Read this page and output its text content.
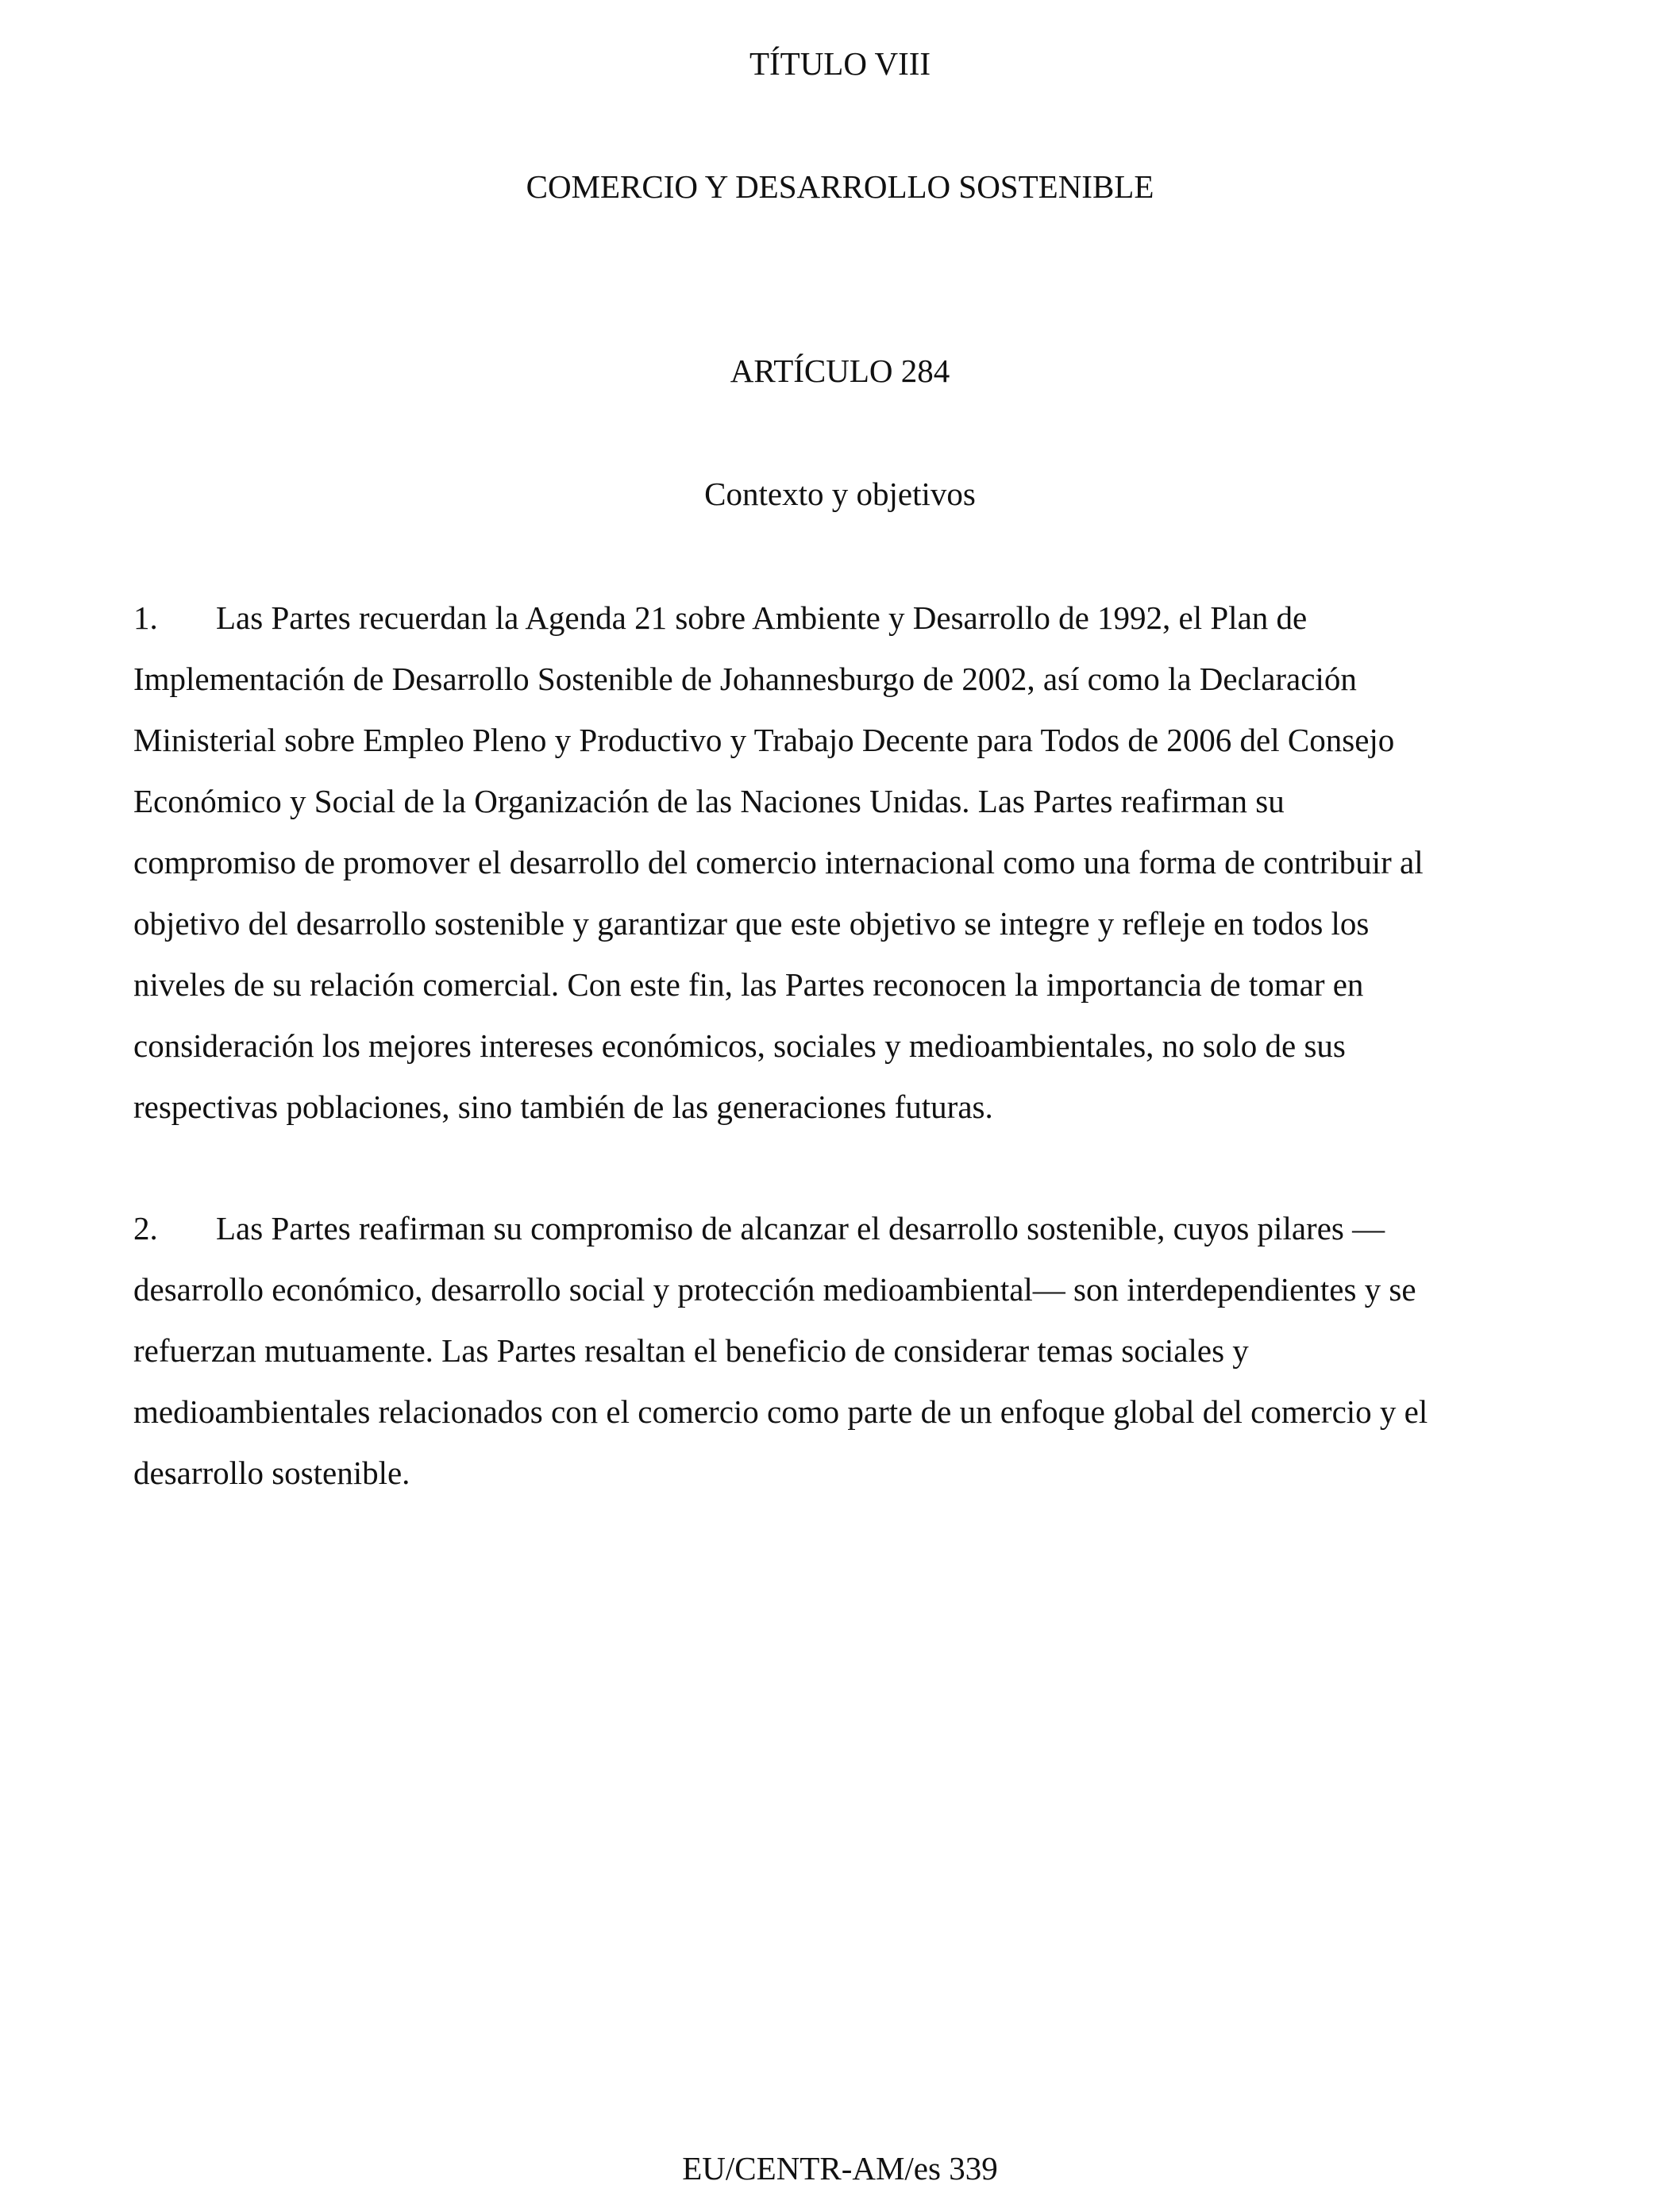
TÍTULO VIII
COMERCIO Y DESARROLLO SOSTENIBLE
ARTÍCULO 284
Contexto y objetivos
1. Las Partes recuerdan la Agenda 21 sobre Ambiente y Desarrollo de 1992, el Plan de
Implementación de Desarrollo Sostenible de Johannesburgo de 2002, así como la Declaración
Ministerial sobre Empleo Pleno y Productivo y Trabajo Decente para Todos de 2006 del Consejo
Económico y Social de la Organización de las Naciones Unidas. Las Partes reafirman su
compromiso de promover el desarrollo del comercio internacional como una forma de contribuir al
objetivo del desarrollo sostenible y garantizar que este objetivo se integre y refleje en todos los
niveles de su relación comercial. Con este fin, las Partes reconocen la importancia de tomar en
consideración los mejores intereses económicos, sociales y medioambientales, no solo de sus
respectivas poblaciones, sino también de las generaciones futuras.
2. Las Partes reafirman su compromiso de alcanzar el desarrollo sostenible, cuyos pilares —
desarrollo económico, desarrollo social y protección medioambiental— son interdependientes y se
refuerzan mutuamente. Las Partes resaltan el beneficio de considerar temas sociales y
medioambientales relacionados con el comercio como parte de un enfoque global del comercio y el
desarrollo sostenible.
EU/CENTR-AM/es 339
